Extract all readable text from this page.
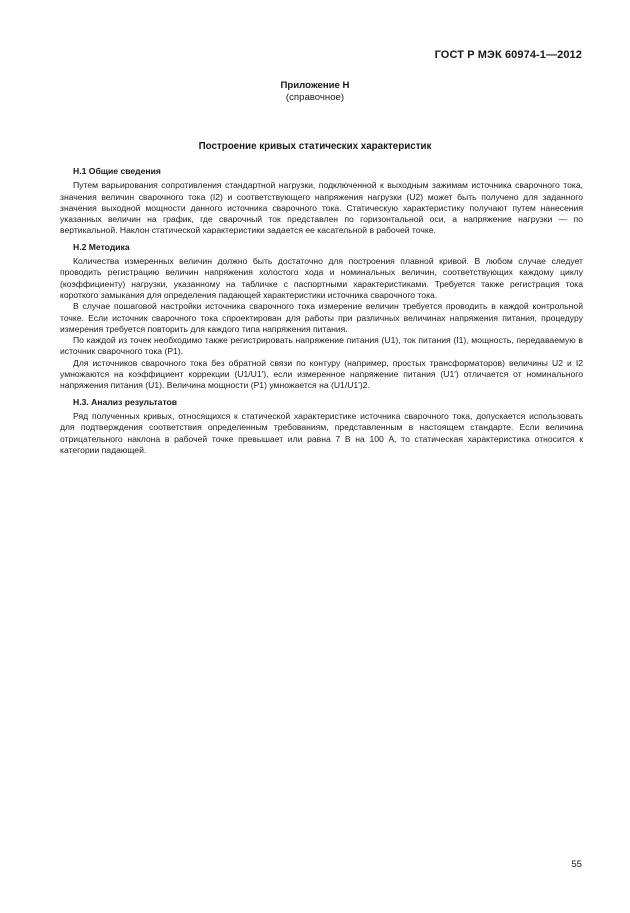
ГОСТ Р МЭК 60974-1—2012
Приложение Н
(справочное)
Построение кривых статических характеристик
Н.1 Общие сведения

Путем варьирования сопротивления стандартной нагрузки, подключенной к выходным зажимам источника сварочного тока, значения величин сварочного тока (I2) и соответствующего напряжения нагрузки (U2) может быть получено для заданного значения выходной мощности данного источника сварочного тока. Статическую характеристику получают путем нанесения указанных величин на график, где сварочный ток представлен по горизонтальной оси, а напряжение нагрузки — по вертикальной. Наклон статической характеристики задается ее касательной в рабочей точке.

Н.2 Методика

Количества измеренных величин должно быть достаточно для построения плавной кривой. В любом случае следует проводить регистрацию величин напряжения холостого хода и номинальных величин, соответствующих каждому циклу (коэффициенту) нагрузки, указанному на табличке с паспортными характеристиками. Требуется также регистрация тока короткого замыкания для определения падающей характеристики источника сварочного тока.

В случае пошаговой настройки источника сварочного тока измерение величин требуется проводить в каждой контрольной точке. Если источник сварочного тока спроектирован для работы при различных величинах напряжения питания, процедуру измерения требуется повторить для каждого типа напряжения питания.

По каждой из точек необходимо также регистрировать напряжение питания (U1), ток питания (I1), мощность, передаваемую в источник сварочного тока (P1).

Для источников сварочного тока без обратной связи по контуру (например, простых трансформаторов) величины U2 и I2 умножаются на коэффициент коррекции (U1/U1'), если измеренное напряжение питания (U1') отличается от номинального напряжения питания (U1). Величина мощности (P1) умножается на (U1/U1')2.

Н.3. Анализ результатов

Ряд полученных кривых, относящихся к статической характеристике источника сварочного тока, допускается использовать для подтверждения соответствия определенным требованиям, представленным в настоящем стандарте. Если величина отрицательного наклона в рабочей точке превышает или равна 7 В на 100 А, то статическая характеристика относится к категории падающей.

55
